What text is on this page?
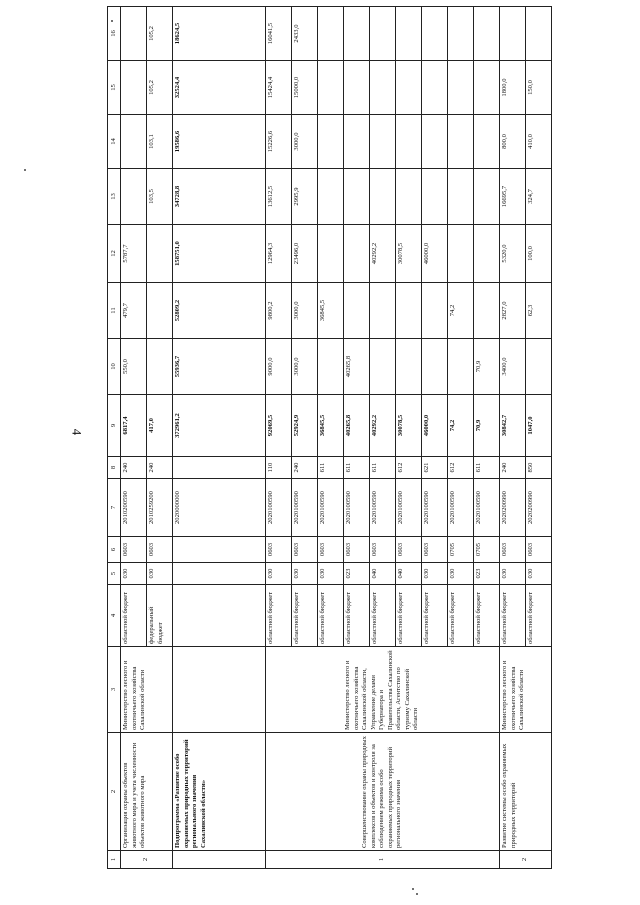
4
1	2	3	4	5	6	7	8	9	10	11	12	13	14	15	16
2	Организация охраны объектов животного мира и учета численности объектов животного мира	Министерство лесного и охотничьего хозяйства Сахалинской области	областной бюджет	030	0603	2010200590	240	6817,4	550,0	479,7	5787,7				
			федеральный бюджет	030	0603	2010259200	240	417,0				103,5	103,1	105,2	105,2
	Подпрограмма «Развитие особо охраняемых природных территорий регионального значения Сахалинской области»					2020000000		372961,2	55936,7	52809,2	158751,0	34728,8	19586,6	32524,4	18624,5
1	Совершенствование охраны природных комплексов и объектов и контроля за соблюдением режима особо охраняемых природных территорий регионального значения	Министерство лесного и охотничьего хозяйства Сахалинской области, Управление делами Губернатора и Правительства Сахалинской области, Агентство по туризму Сахалинской области	областной бюджет	030	0603	2020100590	110	92069,5	9000,0	9800,2	12964,3	13612,5	15226,6	15424,4	16041,5
			областной бюджет	030	0603	2020100590	240	52924,9	3000,0	3000,0	23496,0	2995,9	3000,0	15000,0	2433,0
			областной бюджет	030	0603	2020100590	611	36845,5		36845,5					
			областной бюджет	023	0603	2020100590	611	40265,8	40265,8						
			областной бюджет	040	0603	2020100590	611	40292,2			40292,2				
			областной бюджет	040	0603	2020100590	612	30078,5			30078,5				
			областной бюджет	030	0603	2020100590	621	46000,0			46000,0				
			областной бюджет	030	0705	2020100590	612	74,2		74,2					
			областной бюджет	023	0705	2020100590	611	70,9	70,9						
2	Развитие системы особо охраняемых природных территорий	Министерство лесного и охотничьего хозяйства Сахалинской области	областной бюджет	030	0603	2020200990	240	30842,7	3400,0	2827,0	5320,0	16695,7	800,0	1800,0	
			областной бюджет	030	0603	2020200990	850	1047,0		62,3	100,0	324,7	410,0	150,0	
